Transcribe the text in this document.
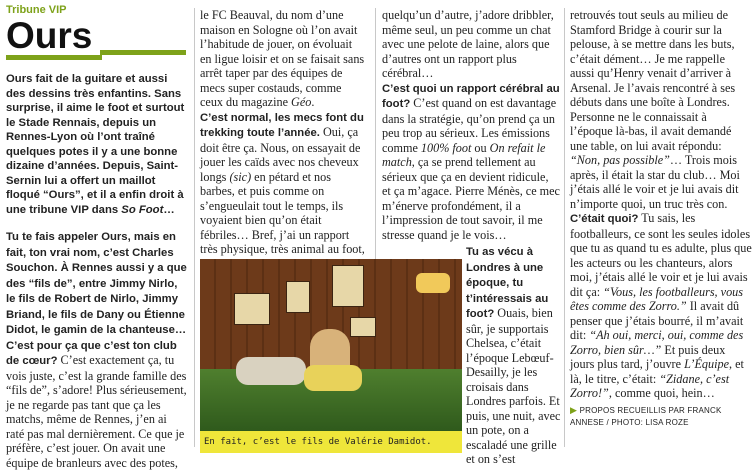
Tribune VIP
Ours

Ours fait de la guitare et aussi des dessins très enfantins. Sans surprise, il aime le foot et surtout le Stade Rennais, depuis un Rennes-Lyon où l’ont traîné quelques potes il y a une bonne dizaine d’années. Depuis, Saint-Sernin lui a offert un maillot floqué “Ours”, et il a enfin droit à une tribune VIP dans So Foot…

Tu te fais appeler Ours, mais en fait, ton vrai nom, c’est Charles Souchon. À Rennes aussi y a que des “fils de”, entre Jimmy Nirlo, le fils de Robert de Nirlo, Jimmy Briand, le fils de Dany ou Étienne Didot, le gamin de la chanteuse… C’est pour ça que c’est ton club de cœur? C’est exactement ça, tu vois juste, c’est la grande famille des “fils de”, s’adore! Plus sérieusement, je ne regarde pas tant que ça les matchs, même de Rennes, j’en ai raté pas mal dernièrement. Ce que je préfère, c’est jouer. On avait une équipe de branleurs avec des potes,

le FC Beauval, du nom d’une maison en Sologne où l’on avait l’habitude de jouer, on évoluait en ligue loisir et on se faisait sans arrêt taper par des équipes de mecs super costauds, comme ceux du magazine Géo.
C’est normal, les mecs font du trekking toute l’année. Oui, ça doit être ça. Nous, on essayait de jouer les caïds avec nos cheveux longs (sic) en pétard et nos barbes, et puis comme on s’engueulait tout le temps, ils voyaient bien qu’on était fébriles… Bref, j’ai un rapport très physique, très animal au foot,

quelqu’un d’autre, j’adore dribbler, même seul, un peu comme un chat avec une pelote de laine, alors que d’autres ont un rapport plus cérébral…
C’est quoi un rapport cérébral au foot? C’est quand on est davantage dans la stratégie, qu’on prend ça un peu trop au sérieux. Les émissions comme 100% foot ou On refait le match, ça se prend tellement au sérieux que ça en devient ridicule, et ça m’agace. Pierre Ménès, ce mec m’énerve profondément, il a l’impression de tout savoir, il me stresse quand je le vois…

Tu as vécu à Londres à une époque, tu t’intéressais au foot? Ouais, bien sûr, je supportais Chelsea, c’était l’époque Lebœuf-Desailly, je les croisais dans Londres parfois. Et puis, une nuit, avec un pote, on a escaladé une grille et on s’est

retrouvés tout seuls au milieu de Stamford Bridge à courir sur la pelouse, à se mettre dans les buts, c’était dément… Je me rappelle aussi qu’Henry venait d’arriver à Arsenal. Je l’avais rencontré à ses débuts dans une boîte à Londres. Personne ne le connaissait à l’époque là-bas, il avait demandé une table, on lui avait répondu: “Non, pas possible”… Trois mois après, il était la star du club… Moi j’étais allé le voir et je lui avais dit n’importe quoi, un truc très con.
C’était quoi? Tu sais, les footballeurs, ce sont les seules idoles que tu as quand tu es adulte, plus que les acteurs ou les chanteurs, alors moi, j’étais allé le voir et je lui avais dit ça: “Vous, les footballeurs, vous êtes comme des Zorro.” Il avait dû penser que j’étais bourré, il m’avait dit: “Ah oui, merci, oui, comme des Zorro, bien sûr…” Et puis deux jours plus tard, j’ouvre L’Équipe, et là, le titre, c’était: “Zidane, c’est Zorro!”, comme quoi, hein…

En fait, c’est le fils de Valérie Damidot.
▶ PROPOS RECUEILLIS PAR FRANCK ANNESE / PHOTO: LISA ROZE
